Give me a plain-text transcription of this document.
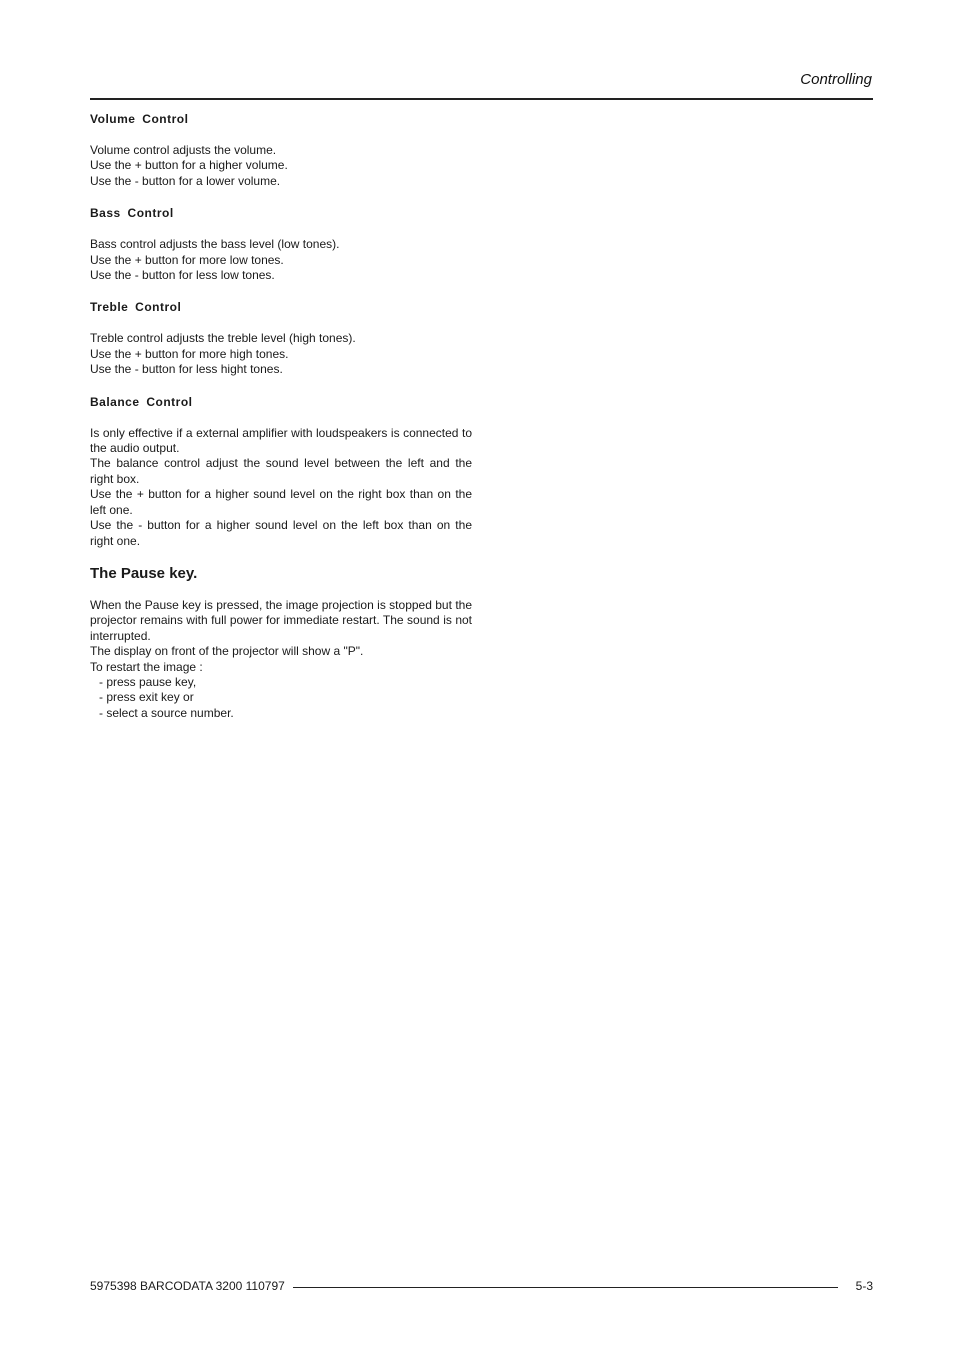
Controlling
Volume Control

Volume control adjusts the volume.

Use the + button for a higher volume.

Use the - button for a lower volume.

Bass Control

Bass control adjusts the bass level (low tones).

Use the + button for more low tones.

Use the - button for less low tones.

Treble Control

Treble control adjusts the treble level (high tones).

Use the + button for more high tones.

Use the - button for less hight tones.

Balance Control

Is only effective if a external amplifier with loudspeakers is connected to the audio output.

The balance control adjust the sound level between the left and the right box.

Use the + button for a higher sound level on the right box than on the left one.

Use the - button for a higher sound level on the left box than on the right one.

The Pause key.

When the Pause key is pressed, the image projection is stopped but the projector remains with full power for immediate restart. The sound is not interrupted.

The display on front of the projector will show a "P".

To restart the image :

- press pause key,

- press exit key or

- select a source number.

5975398 BARCODATA 3200 110797	5-3
